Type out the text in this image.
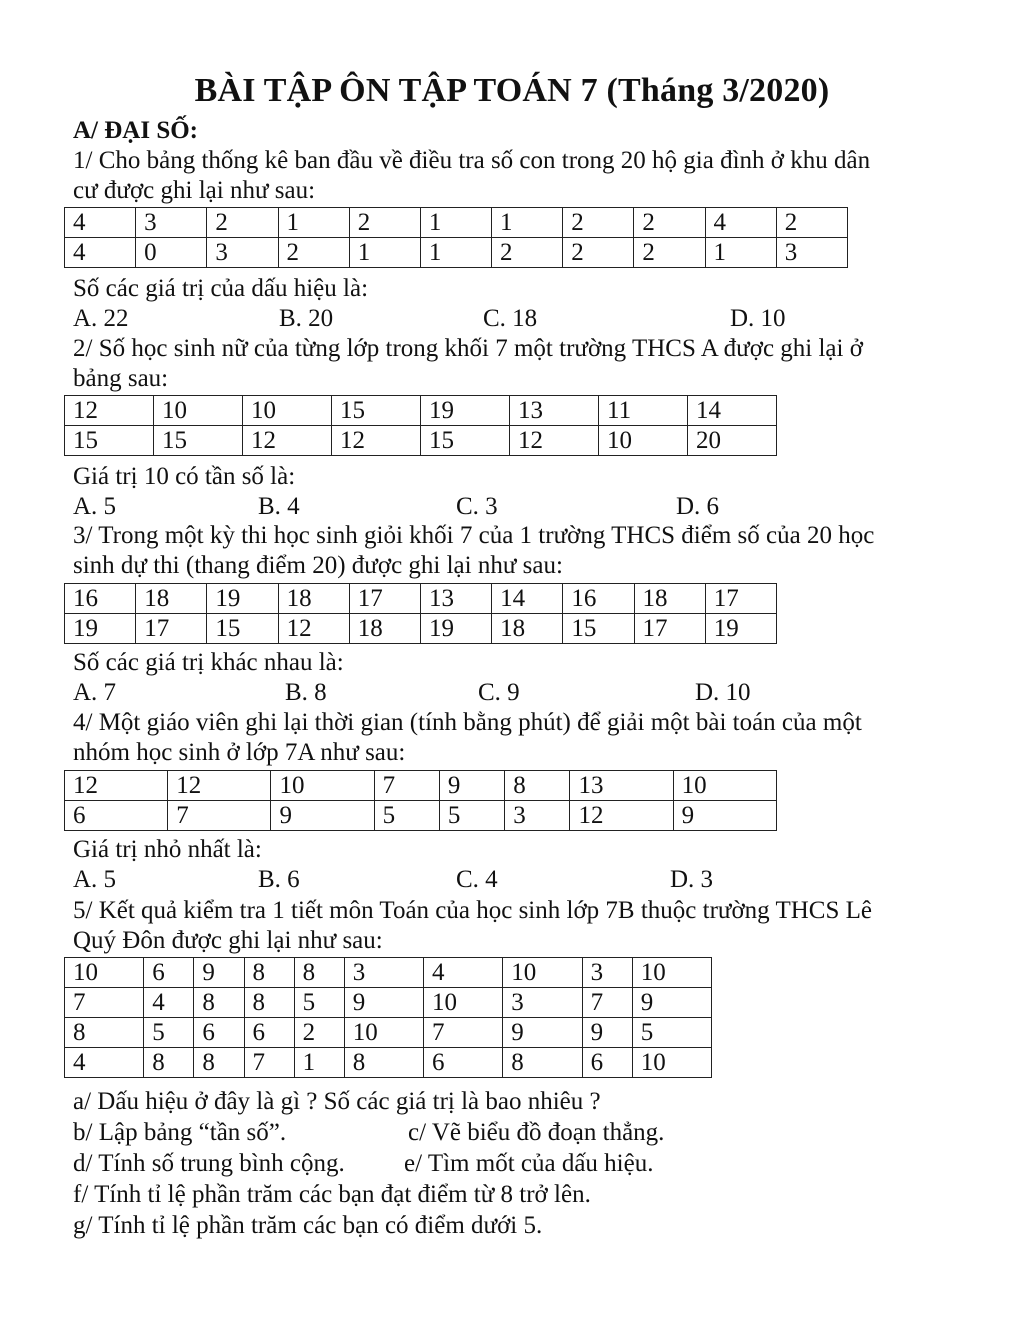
BÀI TẬP ÔN TẬP TOÁN 7 (Tháng 3/2020)
A/ ĐẠI SỐ:
1/ Cho bảng thống kê ban đầu về điều tra số con trong 20 hộ gia đình ở khu dân
cư được ghi lại như sau:
4	3	2	1	2	1	1	2	2	4	2
4	0	3	2	1	1	2	2	2	1	3
Số các giá trị của dấu hiệu là:
A. 22	B. 20	C. 18	D. 10
2/ Số học sinh nữ của từng lớp trong khối 7 một trường THCS A được ghi lại ở
bảng sau:
12	10	10	15	19	13	11	14
15	15	12	12	15	12	10	20
Giá trị 10 có tần số là:
A. 5	B. 4	C. 3	D. 6
3/ Trong một kỳ thi học sinh giỏi khối 7 của 1 trường THCS điểm số của 20 học
sinh dự thi (thang điểm 20) được ghi lại như sau:
16	18	19	18	17	13	14	16	18	17
19	17	15	12	18	19	18	15	17	19
Số các giá trị khác nhau là:
A. 7	B. 8	C. 9	D. 10
4/ Một giáo viên ghi lại thời gian (tính bằng phút) để giải một bài toán của một
nhóm học sinh ở lớp 7A như sau:
12	12	10	7	9	8	13	10
6	7	9	5	5	3	12	9
Giá trị nhỏ nhất là:
A. 5	B. 6	C. 4	D. 3
5/ Kết quả kiểm tra 1 tiết môn Toán của học sinh lớp 7B thuộc trường THCS Lê
Quý Đôn được ghi lại như sau:
10	6	9	8	8	3	4	10	3	10
7	4	8	8	5	9	10	3	7	9
8	5	6	6	2	10	7	9	9	5
4	8	8	7	1	8	6	8	6	10
a/ Dấu hiệu ở đây là gì ? Số các giá trị là bao nhiêu ?
b/ Lập bảng “tần số”.	c/ Vẽ biểu đồ đoạn thẳng.
d/ Tính số trung bình cộng. e/ Tìm mốt của dấu hiệu.
f/ Tính tỉ lệ phần trăm các bạn đạt điểm từ 8 trở lên.
g/ Tính tỉ lệ phần trăm các bạn có điểm dưới 5.
